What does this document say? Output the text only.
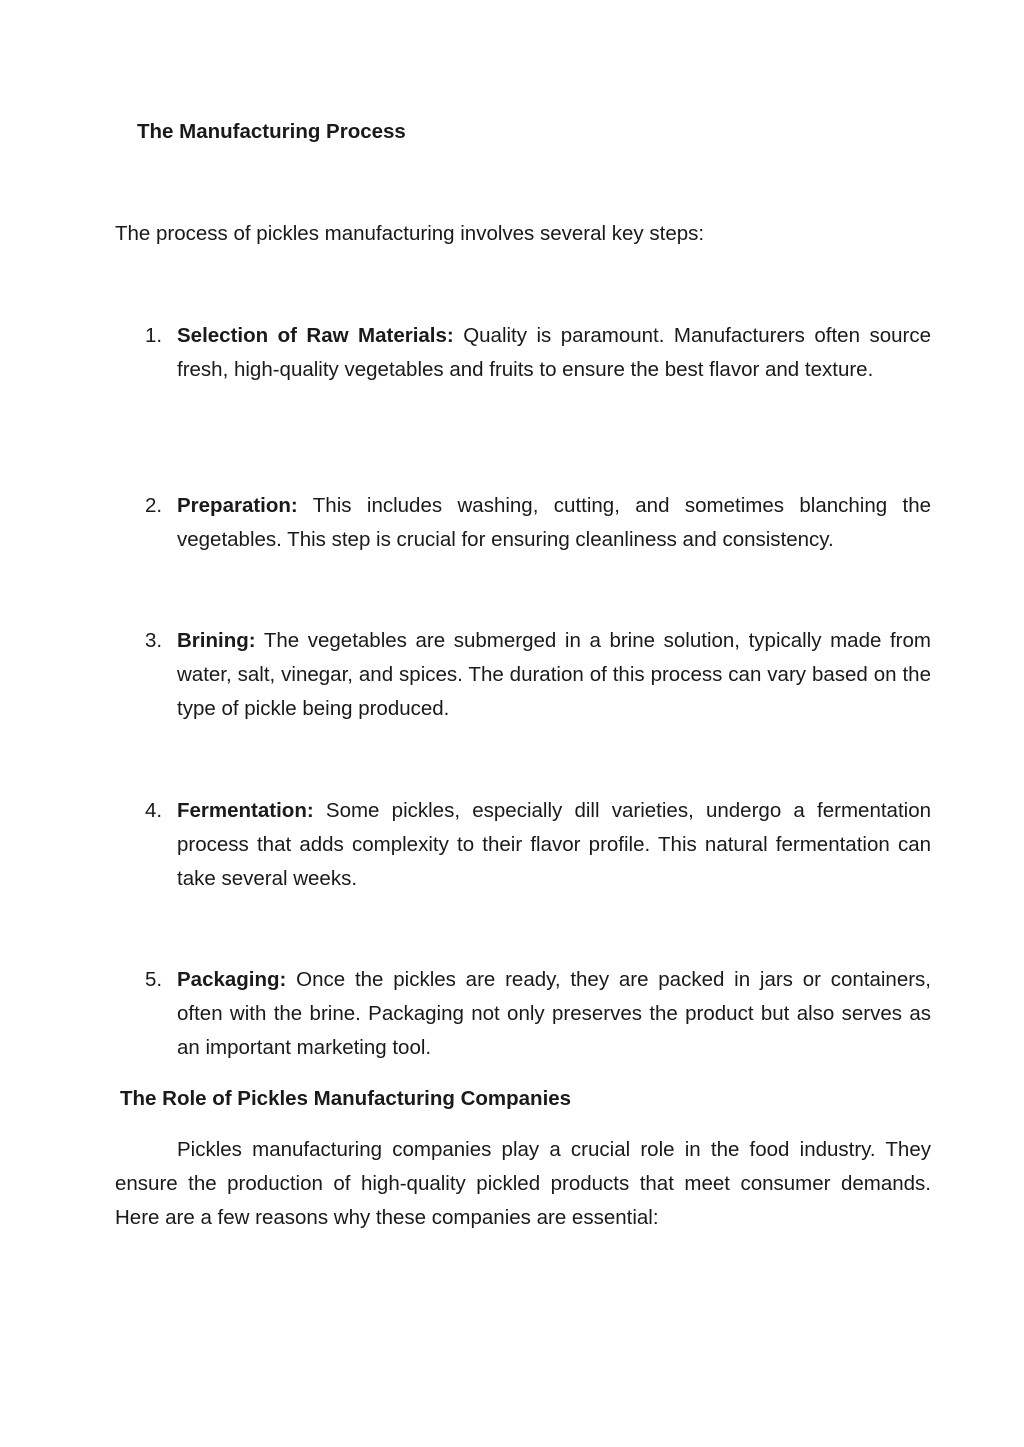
The Manufacturing Process

The process of pickles manufacturing involves several key steps:

1. Selection of Raw Materials: Quality is paramount. Manufacturers often source fresh, high-quality vegetables and fruits to ensure the best flavor and texture.
2. Preparation: This includes washing, cutting, and sometimes blanching the vegetables. This step is crucial for ensuring cleanliness and consistency.
3. Brining: The vegetables are submerged in a brine solution, typically made from water, salt, vinegar, and spices. The duration of this process can vary based on the type of pickle being produced.
4. Fermentation: Some pickles, especially dill varieties, undergo a fermentation process that adds complexity to their flavor profile. This natural fermentation can take several weeks.
5. Packaging: Once the pickles are ready, they are packed in jars or containers, often with the brine. Packaging not only preserves the product but also serves as an important marketing tool.
The Role of Pickles Manufacturing Companies

Pickles manufacturing companies play a crucial role in the food industry. They ensure the production of high-quality pickled products that meet consumer demands. Here are a few reasons why these companies are essential:
